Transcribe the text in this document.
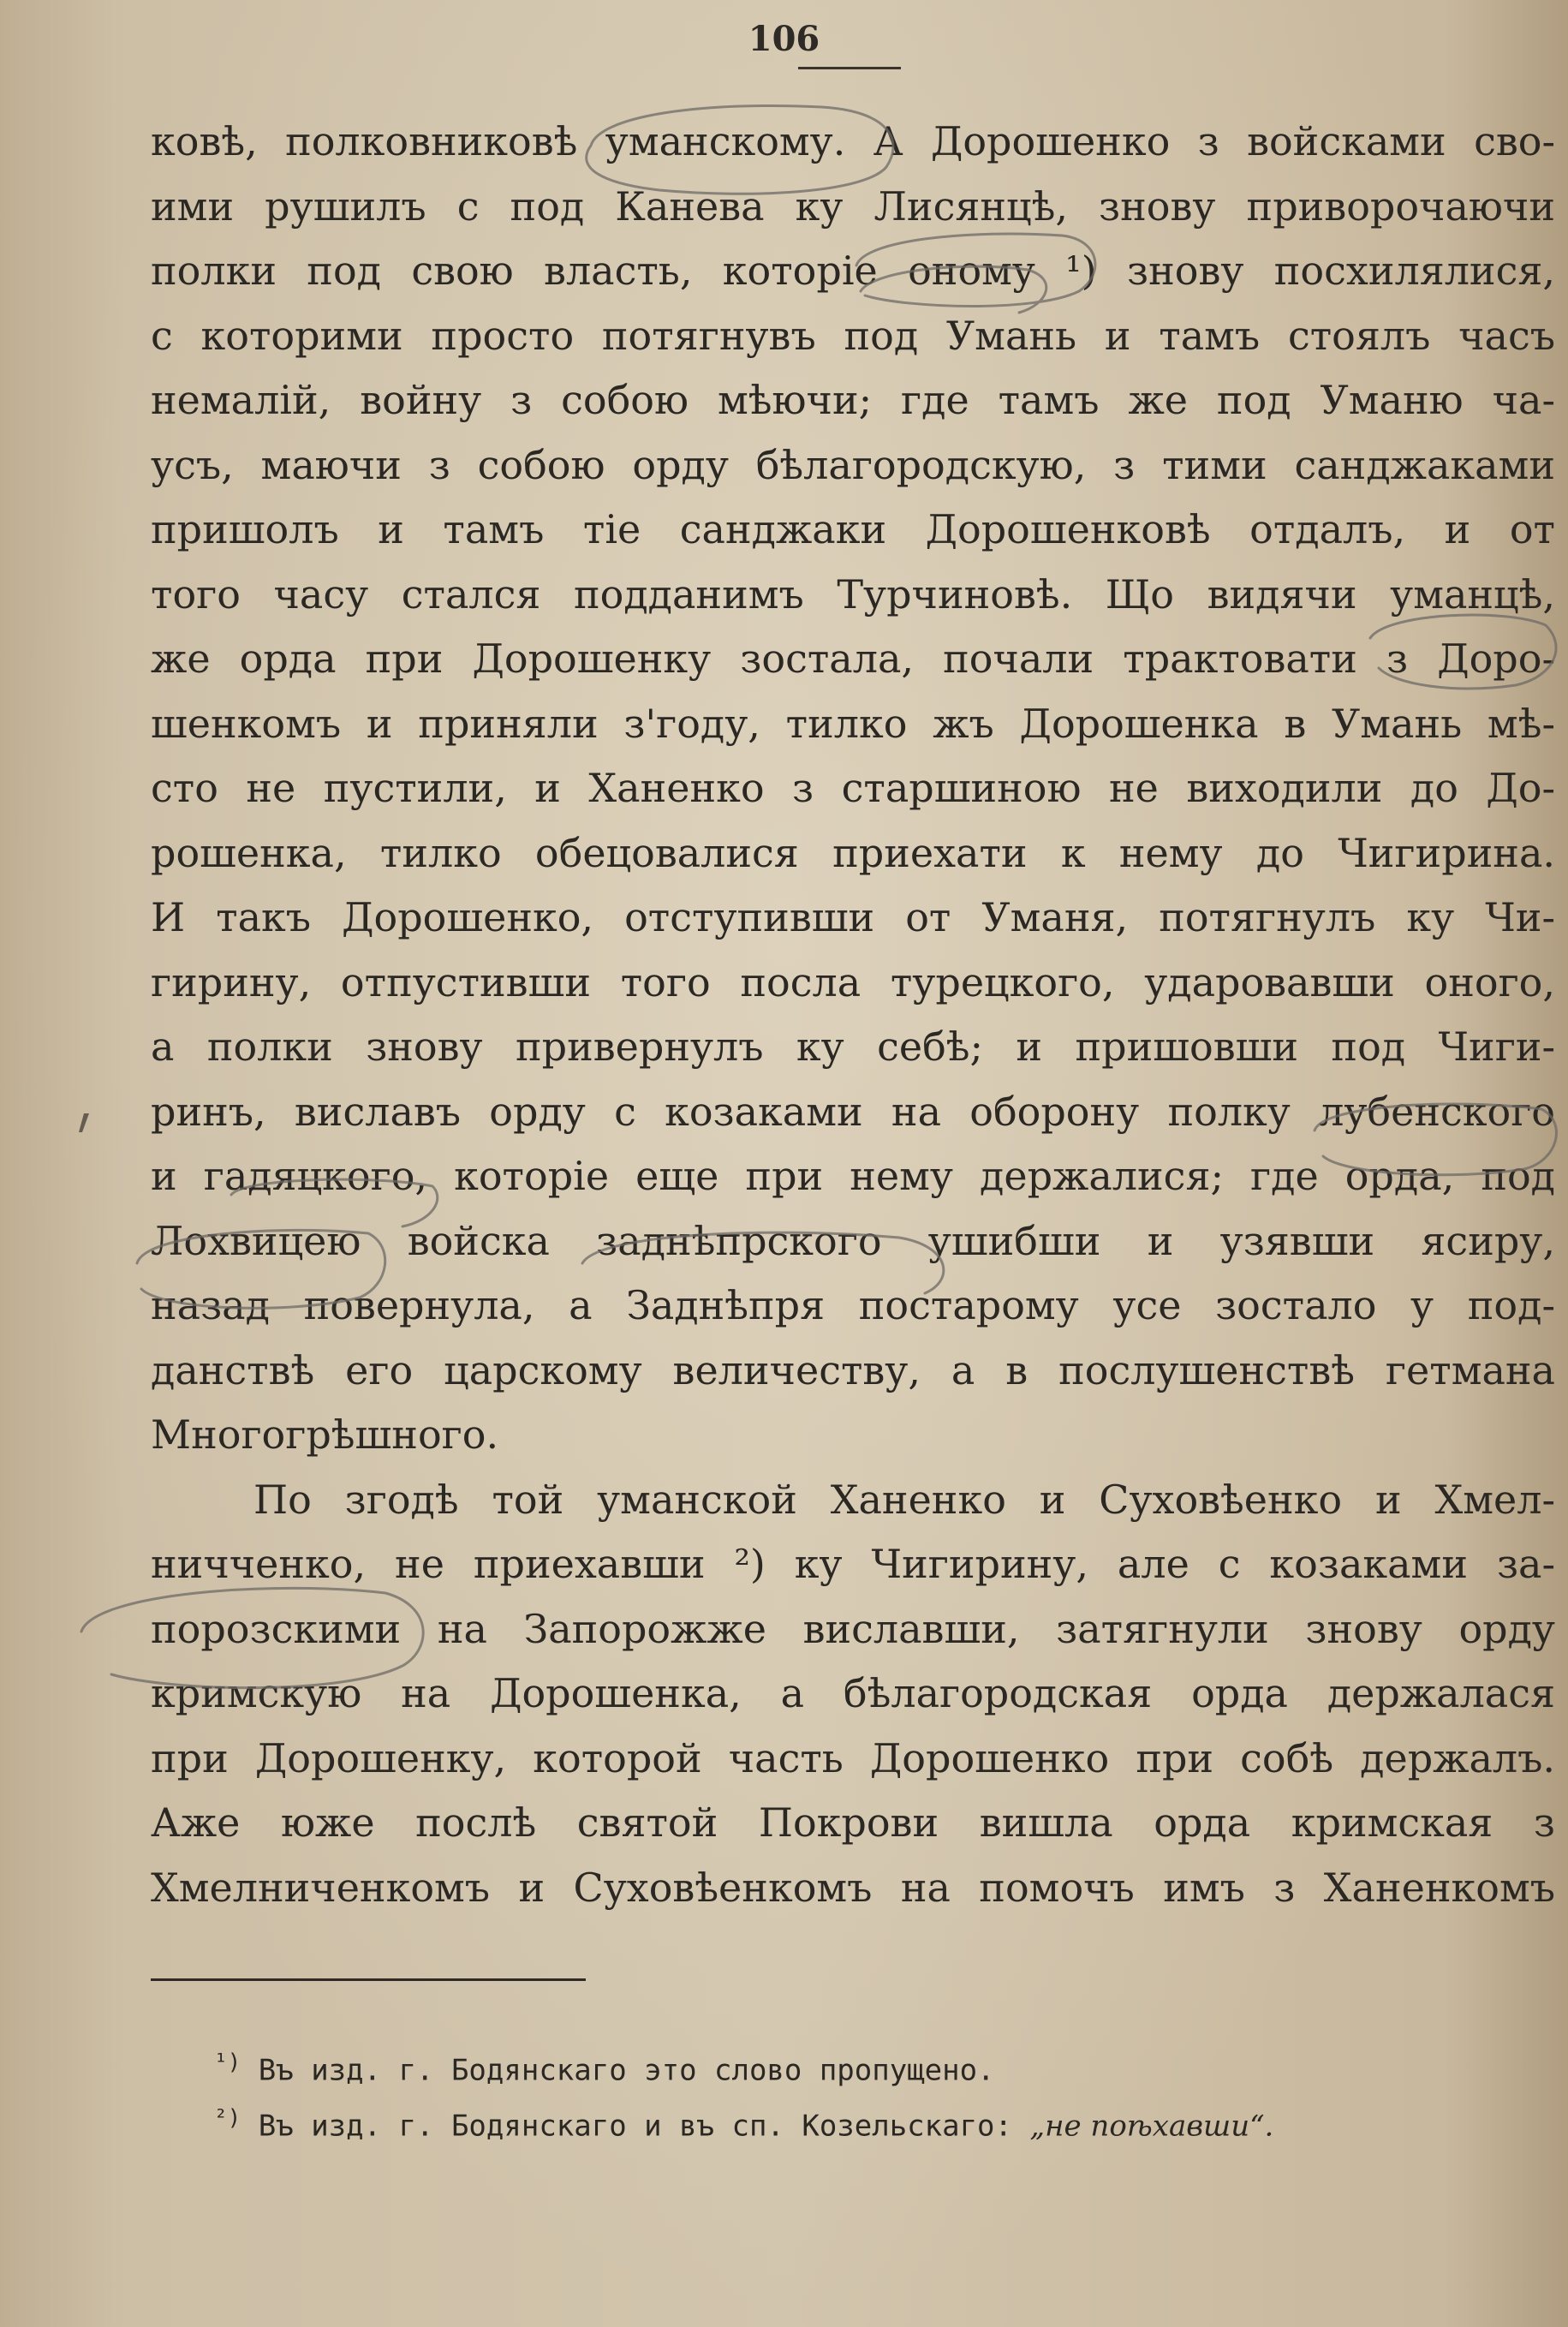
106
ковѣ, полковниковѣ уманскому. А Дорошенко з войсками сво-
ими рушилъ с под Канева ку Лисянцѣ, знову приворочаючи
полки под свою власть, которіе оному ¹) знову посхилялися,
с которими просто потягнувъ под Умань и тамъ стоялъ часъ
немалій, войну з собою мѣючи; где тамъ же под Уманю ча-
усъ, маючи з собою орду бѣлагородскую, з тими санджаками
пришолъ и тамъ тіе санджаки Дорошенковѣ отдалъ, и от
того часу стался подданимъ Турчиновѣ. Що видячи уманцѣ,
же орда при Дорошенку зостала, почали трактовати з Доро-
шенкомъ и приняли з'году, тилко жъ Дорошенка в Умань мѣ-
сто не пустили, и Ханенко з старшиною не виходили до До-
рошенка, тилко обецовалися приехати к нему до Чигирина.
И такъ Дорошенко, отступивши от Уманя, потягнулъ ку Чи-
гирину, отпустивши того посла турецкого, ударовавши оного,
а полки знову привернулъ ку себѣ; и пришовши под Чиги-
ринъ, виславъ орду с козаками на оборону полку лубенского
и гадяцкого, которіе еще при нему держалися; где орда, под
Лохвицею войска заднѣпрского ушибши и узявши ясиру,
назад повернула, а Заднѣпря постарому усе зостало у под-
данствѣ его царскому величеству, а в послушенствѣ гетмана
Многогрѣшного.
По згодѣ той уманской Ханенко и Суховѣенко и Хмел-
ничченко, не приехавши ²) ку Чигирину, але с козаками за-
порозскими на Запорожже виславши, затягнули знову орду
кримскую на Дорошенка, а бѣлагородская орда держалася
при Дорошенку, которой часть Дорошенко при собѣ держалъ.
Аже юже послѣ святой Покрови вишла орда кримская з
Хмелниченкомъ и Суховѣенкомъ на помочъ имъ з Ханенкомъ
$^{^1)}$ Въ изд. г. Бодянскаго это слово пропущено.
$^{^2)}$ Въ изд. г. Бодянскаго и въ сп. Козельскаго: „не поѣхавши“.
